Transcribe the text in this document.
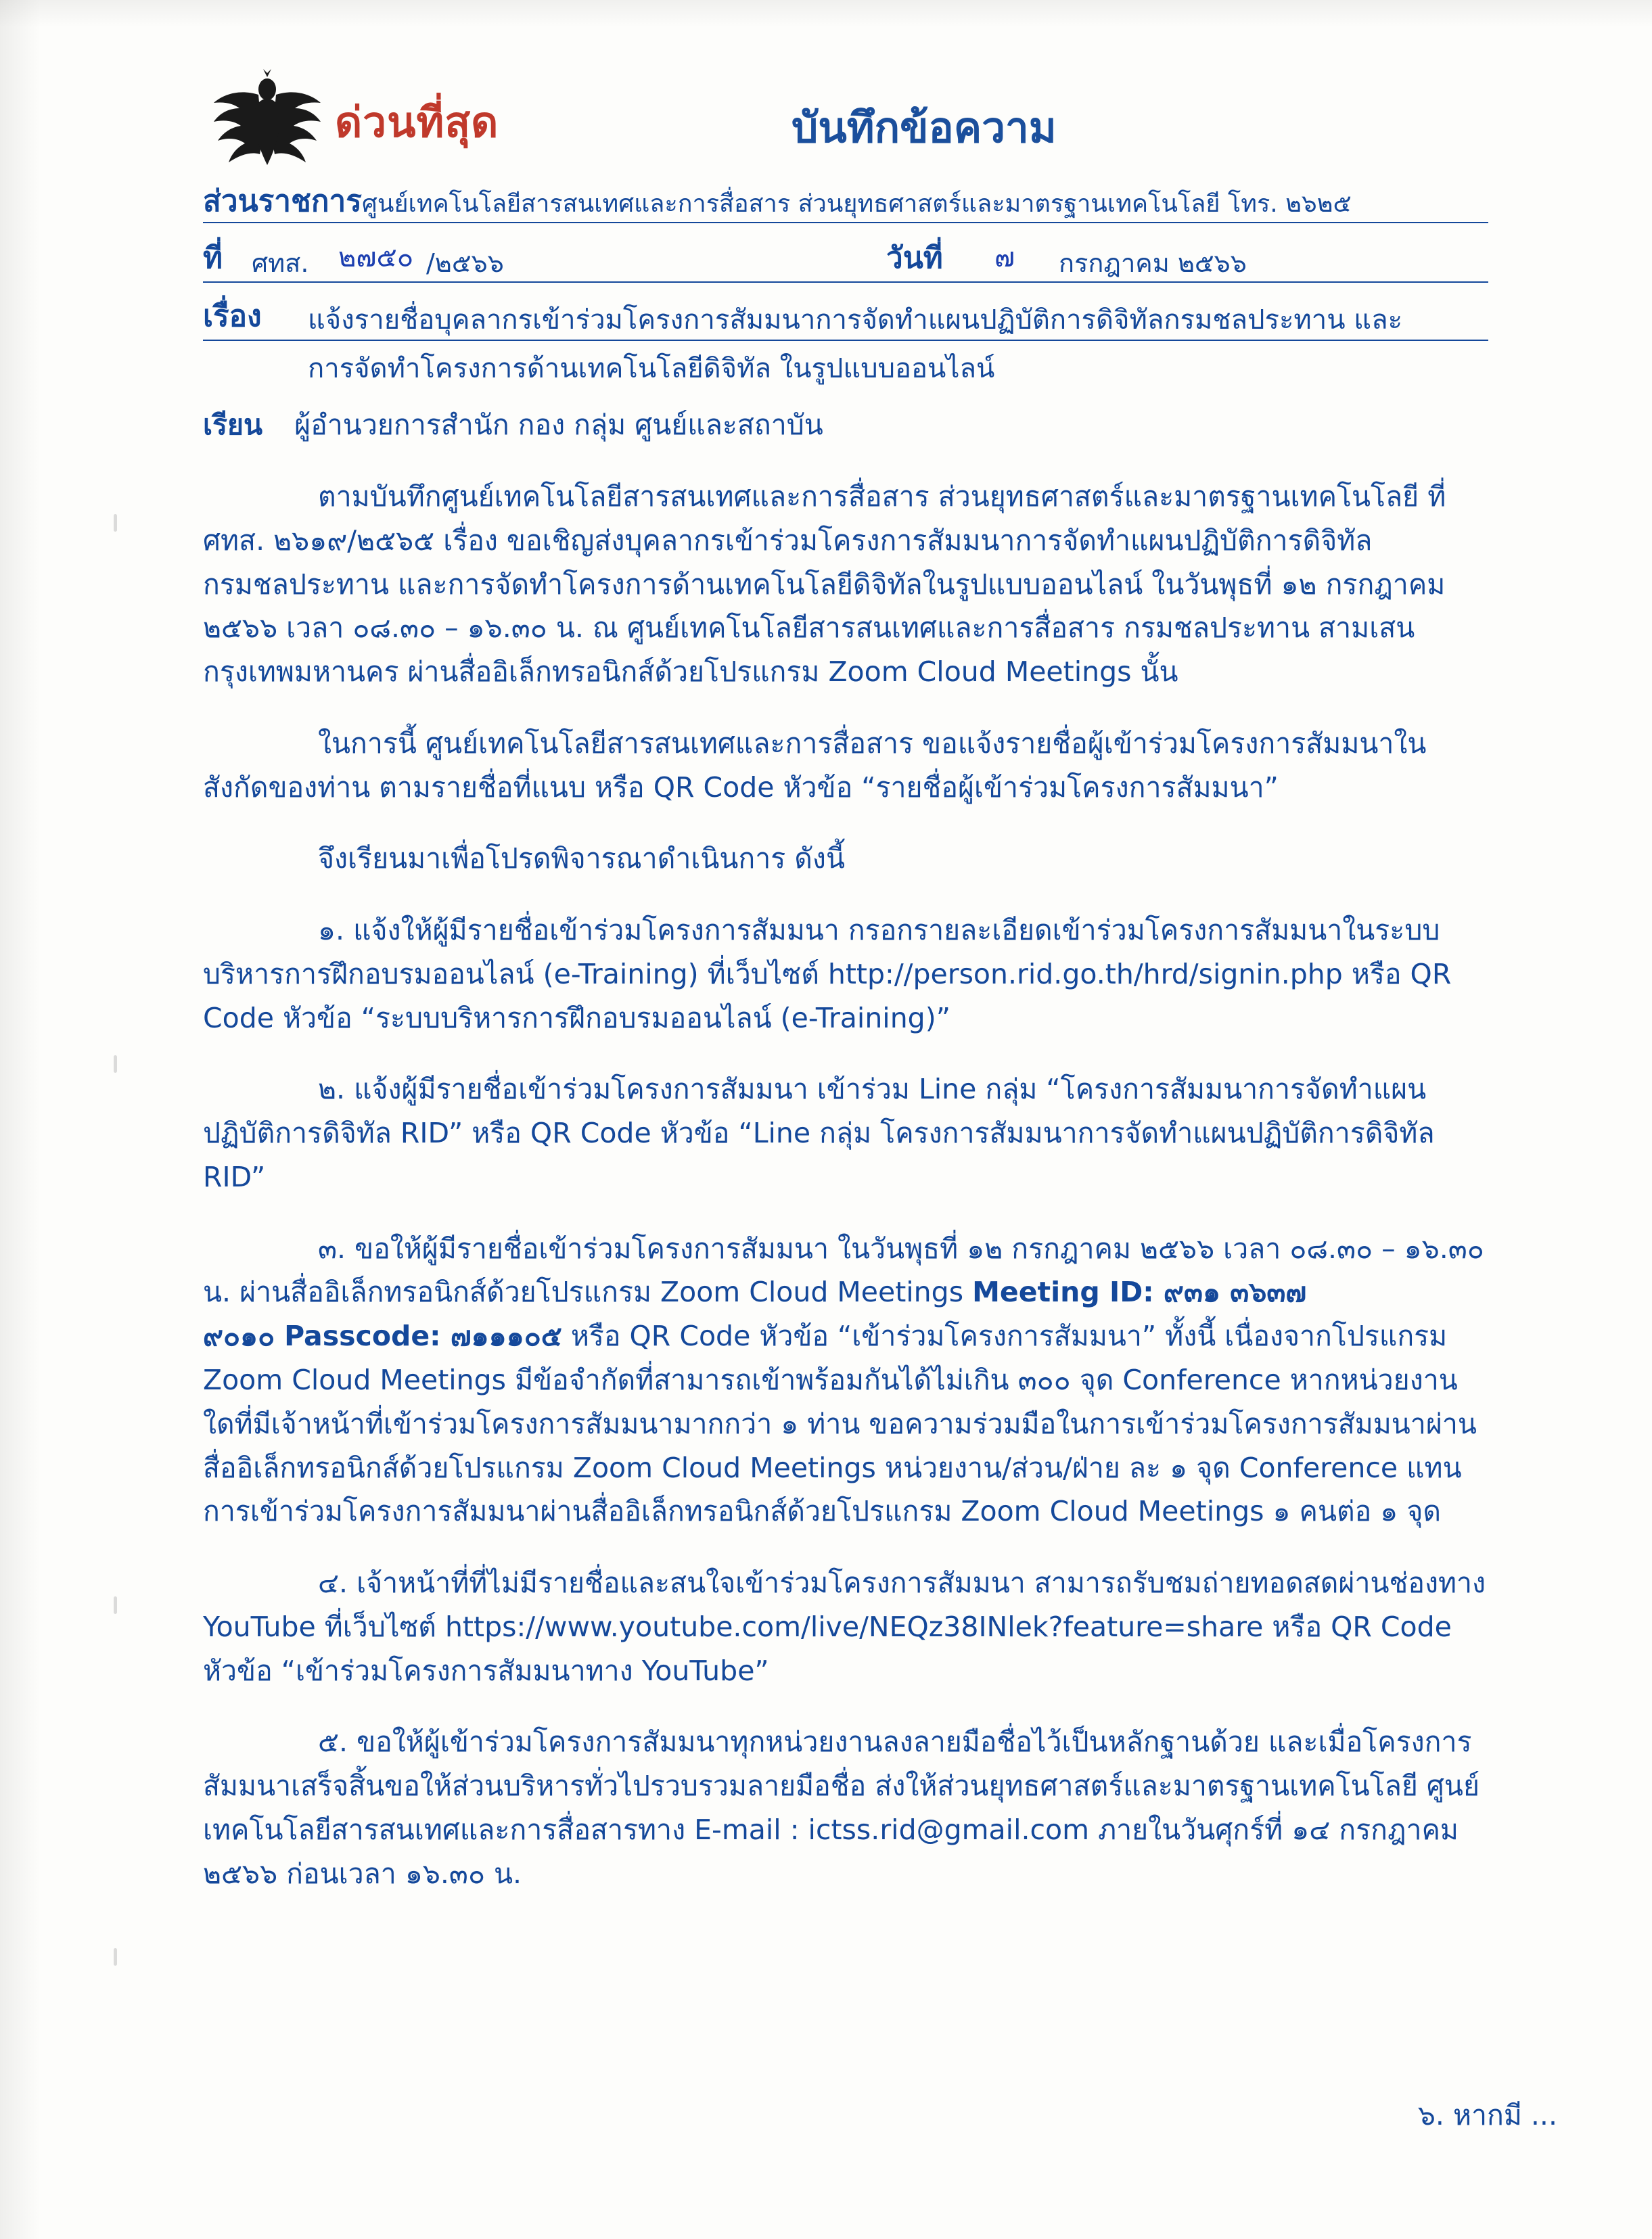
ด่วนที่สุด	บันทึกข้อความ
ส่วนราชการ ศูนย์เทคโนโลยีสารสนเทศและการสื่อสาร ส่วนยุทธศาสตร์และมาตรฐานเทคโนโลยี โทร. ๒๖๒๕
ที่ ศทส. ๒๗๕๐ /๒๕๖๖	วันที่ ๗ กรกฎาคม ๒๕๖๖
เรื่อง แจ้งรายชื่อบุคลากรเข้าร่วมโครงการสัมมนาการจัดทำแผนปฏิบัติการดิจิทัลกรมชลประทาน และ
การจัดทำโครงการด้านเทคโนโลยีดิจิทัล ในรูปแบบออนไลน์
เรียน ผู้อำนวยการสำนัก กอง กลุ่ม ศูนย์และสถาบัน

ตามบันทึกศูนย์เทคโนโลยีสารสนเทศและการสื่อสาร ส่วนยุทธศาสตร์และมาตรฐานเทคโนโลยี ที่ ศทส. ๒๖๑๙/๒๕๖๕ เรื่อง ขอเชิญส่งบุคลากรเข้าร่วมโครงการสัมมนาการจัดทำแผนปฏิบัติการดิจิทัลกรมชลประทาน และการจัดทำโครงการด้านเทคโนโลยีดิจิทัลในรูปแบบออนไลน์ ในวันพุธที่ ๑๒ กรกฎาคม ๒๕๖๖ เวลา ๐๘.๓๐ – ๑๖.๓๐ น. ณ ศูนย์เทคโนโลยีสารสนเทศและการสื่อสาร กรมชลประทาน สามเสน กรุงเทพมหานคร ผ่านสื่ออิเล็กทรอนิกส์ด้วยโปรแกรม Zoom Cloud Meetings นั้น

ในการนี้ ศูนย์เทคโนโลยีสารสนเทศและการสื่อสาร ขอแจ้งรายชื่อผู้เข้าร่วมโครงการสัมมนาในสังกัดของท่าน ตามรายชื่อที่แนบ หรือ QR Code หัวข้อ “รายชื่อผู้เข้าร่วมโครงการสัมมนา”

จึงเรียนมาเพื่อโปรดพิจารณาดำเนินการ ดังนี้

๑. แจ้งให้ผู้มีรายชื่อเข้าร่วมโครงการสัมมนา กรอกรายละเอียดเข้าร่วมโครงการสัมมนาในระบบบริหารการฝึกอบรมออนไลน์ (e-Training) ที่เว็บไซต์ http://person.rid.go.th/hrd/signin.php หรือ QR Code หัวข้อ “ระบบบริหารการฝึกอบรมออนไลน์ (e-Training)”

๒. แจ้งผู้มีรายชื่อเข้าร่วมโครงการสัมมนา เข้าร่วม Line กลุ่ม “โครงการสัมมนาการจัดทำแผนปฏิบัติการดิจิทัล RID” หรือ QR Code หัวข้อ “Line กลุ่ม โครงการสัมมนาการจัดทำแผนปฏิบัติการดิจิทัล RID”

๓. ขอให้ผู้มีรายชื่อเข้าร่วมโครงการสัมมนา ในวันพุธที่ ๑๒ กรกฎาคม ๒๕๖๖ เวลา ๐๘.๓๐ – ๑๖.๓๐ น. ผ่านสื่ออิเล็กทรอนิกส์ด้วยโปรแกรม Zoom Cloud Meetings Meeting ID: ๙๓๑ ๓๖๓๗ ๙๐๑๐ Passcode: ๗๑๑๑๐๕ หรือ QR Code หัวข้อ “เข้าร่วมโครงการสัมมนา” ทั้งนี้ เนื่องจากโปรแกรม Zoom Cloud Meetings มีข้อจำกัดที่สามารถเข้าพร้อมกันได้ไม่เกิน ๓๐๐ จุด Conference หากหน่วยงานใดที่มีเจ้าหน้าที่เข้าร่วมโครงการสัมมนามากกว่า ๑ ท่าน ขอความร่วมมือในการเข้าร่วมโครงการสัมมนาผ่านสื่ออิเล็กทรอนิกส์ด้วยโปรแกรม Zoom Cloud Meetings หน่วยงาน/ส่วน/ฝ่าย ละ ๑ จุด Conference แทนการเข้าร่วมโครงการสัมมนาผ่านสื่ออิเล็กทรอนิกส์ด้วยโปรแกรม Zoom Cloud Meetings ๑ คนต่อ ๑ จุด

๔. เจ้าหน้าที่ที่ไม่มีรายชื่อและสนใจเข้าร่วมโครงการสัมมนา สามารถรับชมถ่ายทอดสดผ่านช่องทาง YouTube ที่เว็บไซต์ https://www.youtube.com/live/NEQz38INlek?feature=share หรือ QR Code หัวข้อ “เข้าร่วมโครงการสัมมนาทาง YouTube”

๕. ขอให้ผู้เข้าร่วมโครงการสัมมนาทุกหน่วยงานลงลายมือชื่อไว้เป็นหลักฐานด้วย และเมื่อโครงการสัมมนาเสร็จสิ้นขอให้ส่วนบริหารทั่วไปรวบรวมลายมือชื่อ ส่งให้ส่วนยุทธศาสตร์และมาตรฐานเทคโนโลยี ศูนย์เทคโนโลยีสารสนเทศและการสื่อสารทาง E-mail : ictss.rid@gmail.com ภายในวันศุกร์ที่ ๑๔ กรกฎาคม ๒๕๖๖ ก่อนเวลา ๑๖.๓๐ น.

๖. หากมี ...
